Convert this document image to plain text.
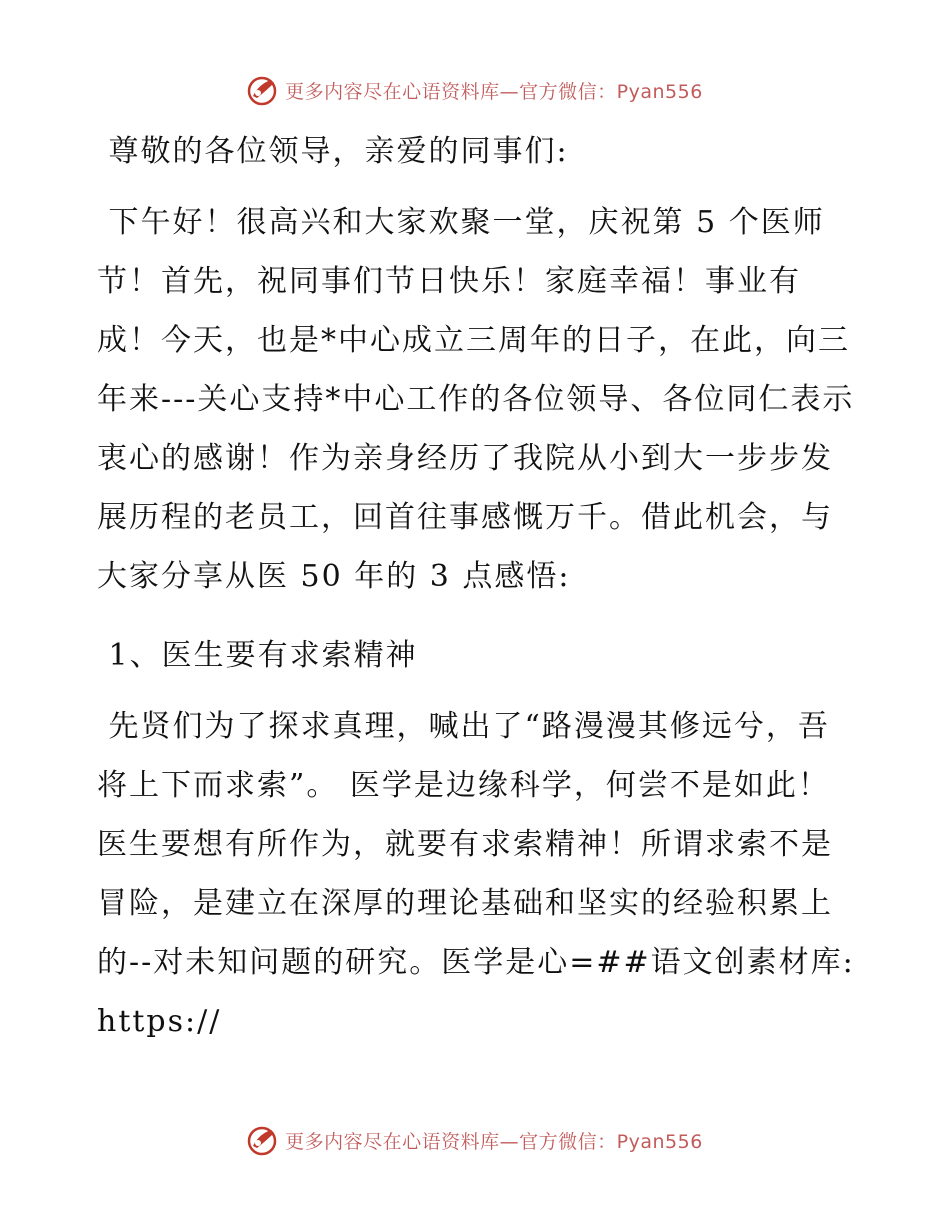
更多内容尽在心语资料库—官方微信：Pyan556

尊敬的各位领导，亲爱的同事们:

下午好！很高兴和大家欢聚一堂，庆祝第 5 个医师节！首先，祝同事们节日快乐！家庭幸福！事业有成！今天，也是*中心成立三周年的日子，在此，向三年来---关心支持*中心工作的各位领导、各位同仁表示衷心的感谢！作为亲身经历了我院从小到大一步步发展历程的老员工，回首往事感慨万千。借此机会，与大家分享从医 50 年的 3 点感悟:

1、医生要有求索精神

先贤们为了探求真理，喊出了“路漫漫其修远兮，吾将上下而求索”。 医学是边缘科学，何尝不是如此！医生要想有所作为，就要有求索精神！所谓求索不是冒险，是建立在深厚的理论基础和坚实的经验积累上的--对未知问题的研究。医学是心=##语文创素材库: https://

更多内容尽在心语资料库—官方微信：Pyan556
